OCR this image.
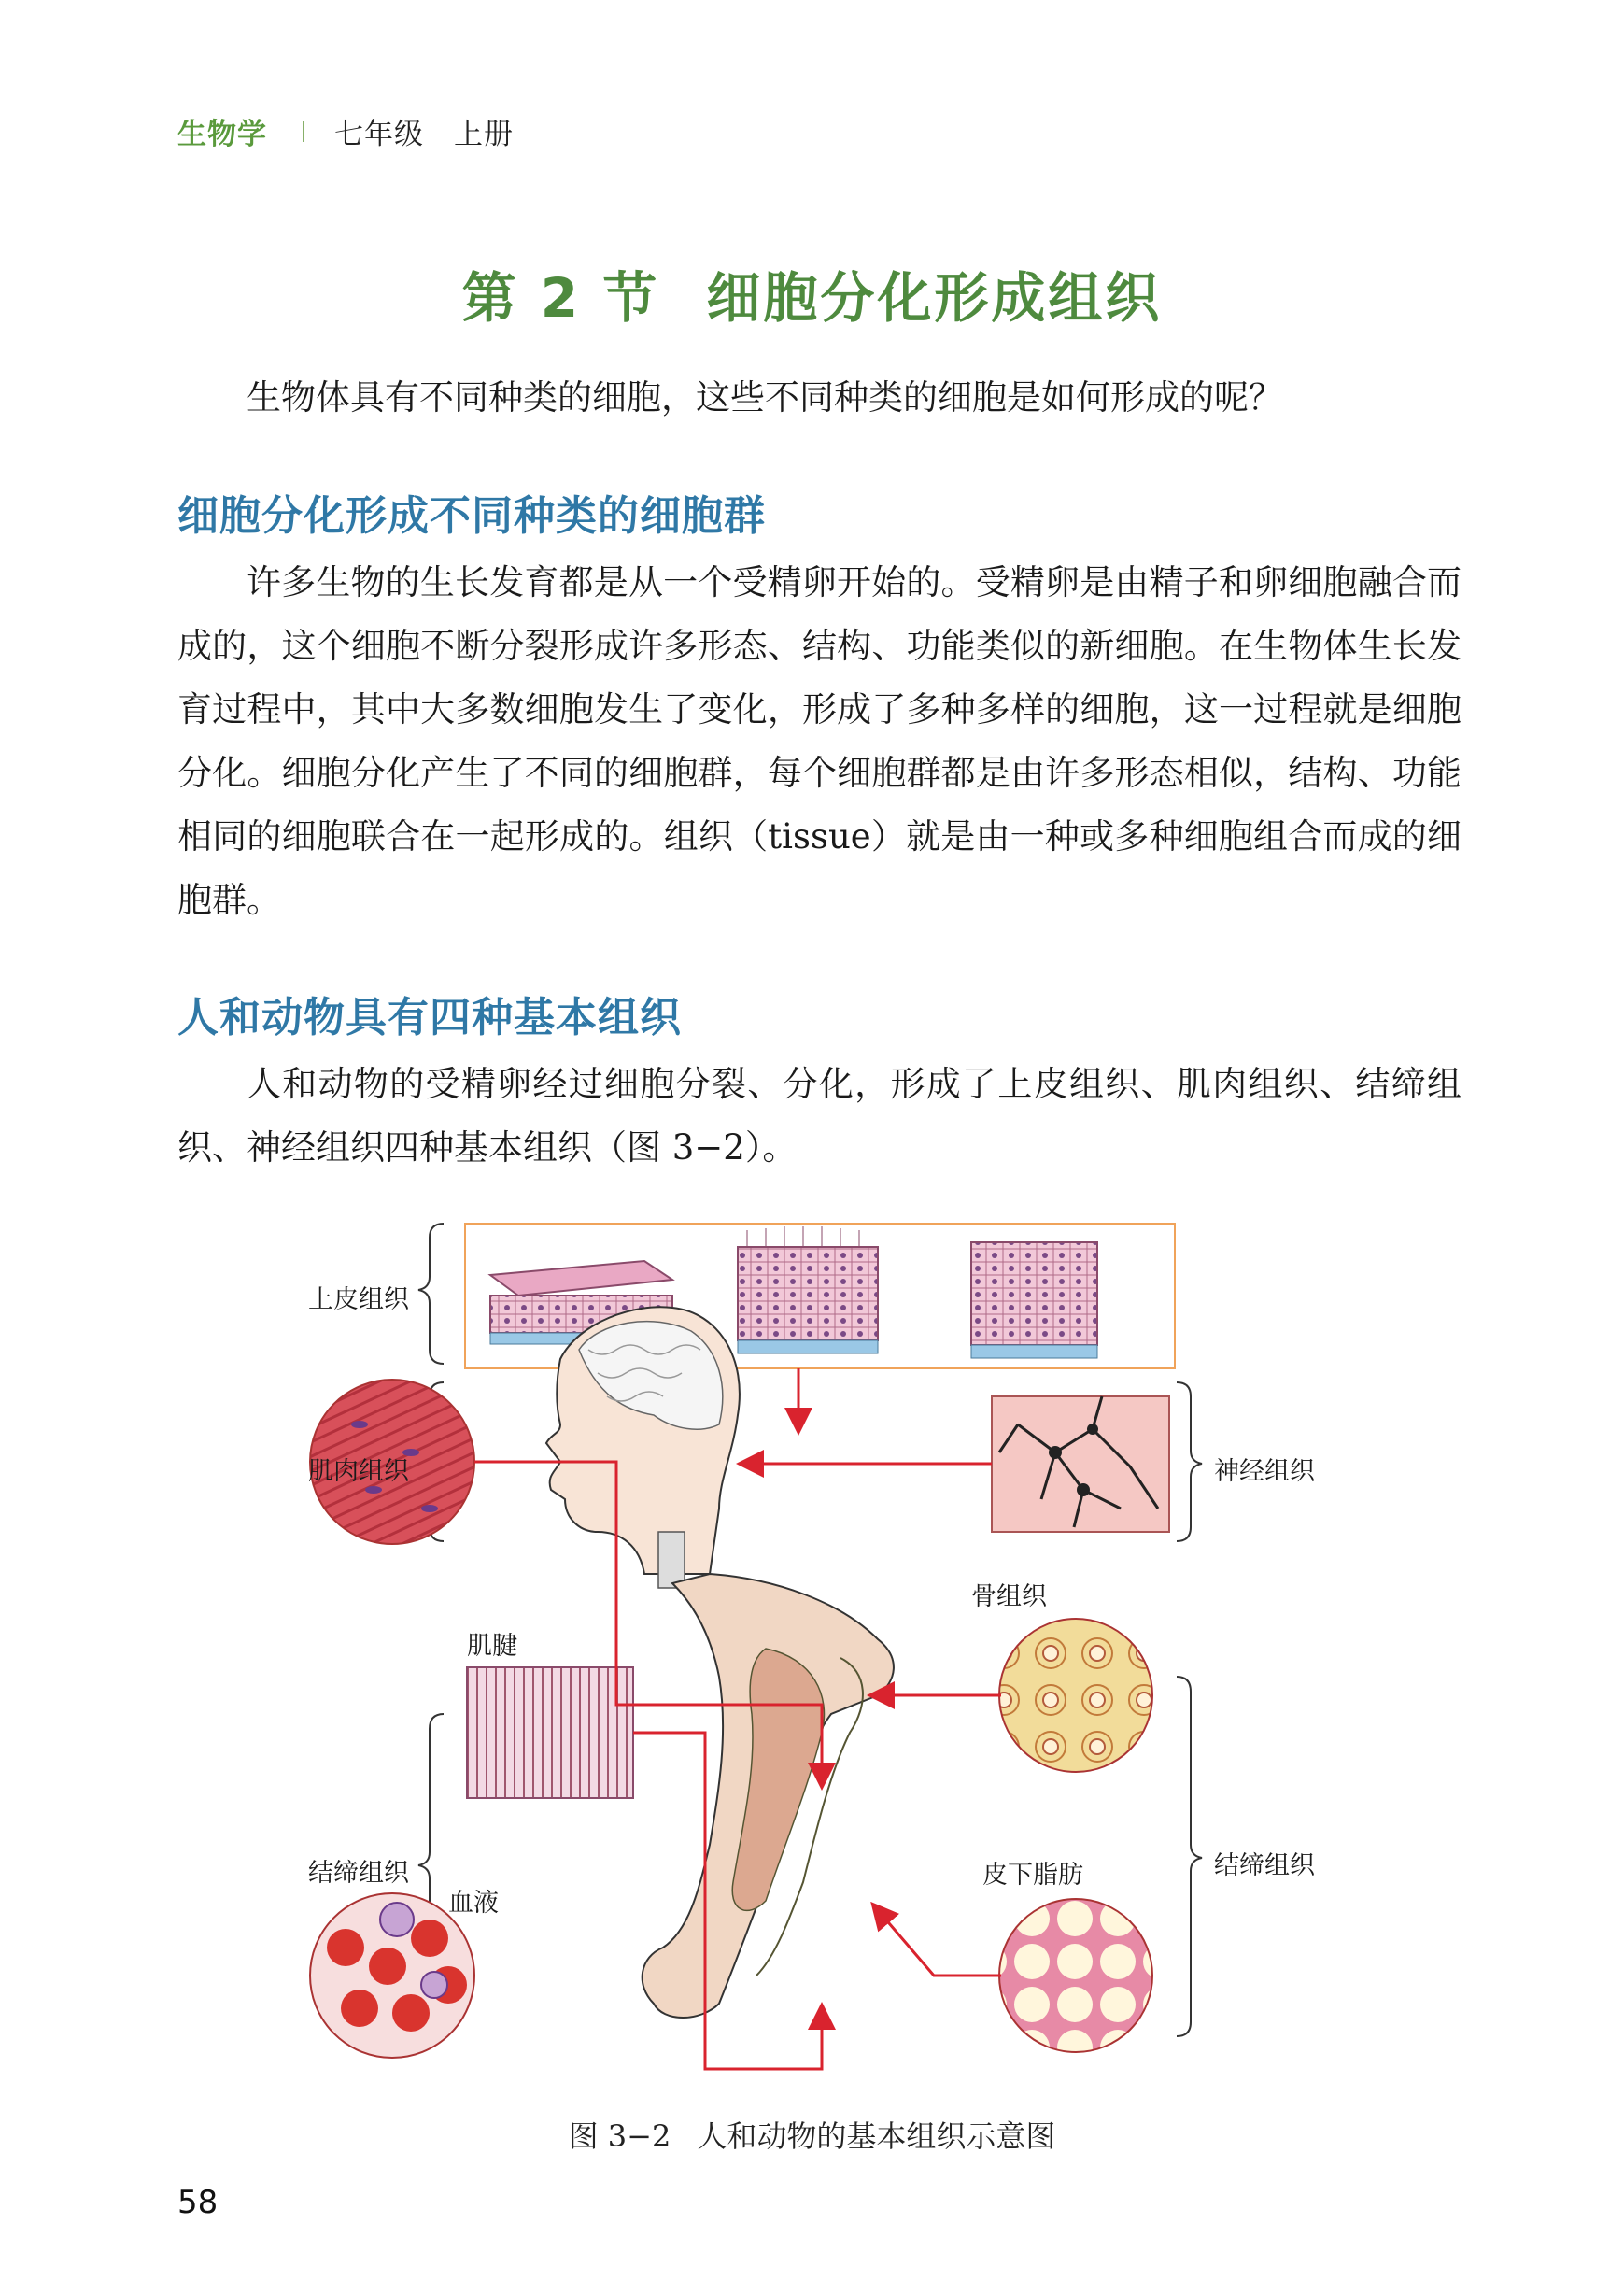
生物学 七年级　上册
第 2 节 细胞分化形成组织

生物体具有不同种类的细胞，这些不同种类的细胞是如何形成的呢？

细胞分化形成不同种类的细胞群

许多生物的生长发育都是从一个受精卵开始的。受精卵是由精子和卵细胞融合而成的，这个细胞不断分裂形成许多形态、结构、功能类似的新细胞。在生物体生长发育过程中，其中大多数细胞发生了变化，形成了多种多样的细胞，这一过程就是细胞分化。细胞分化产生了不同的细胞群，每个细胞群都是由许多形态相似，结构、功能相同的细胞联合在一起形成的。组织（tissue）就是由一种或多种细胞组合而成的细胞群。

人和动物具有四种基本组织

人和动物的受精卵经过细胞分裂、分化，形成了上皮组织、肌肉组织、结缔组织、神经组织四种基本组织（图 3−2）。

上皮组织
肌肉组织	神经组织
肌腱
骨组织
结缔组织	结缔组织
血液
皮下脂肪
图 3−2 人和动物的基本组织示意图
58
